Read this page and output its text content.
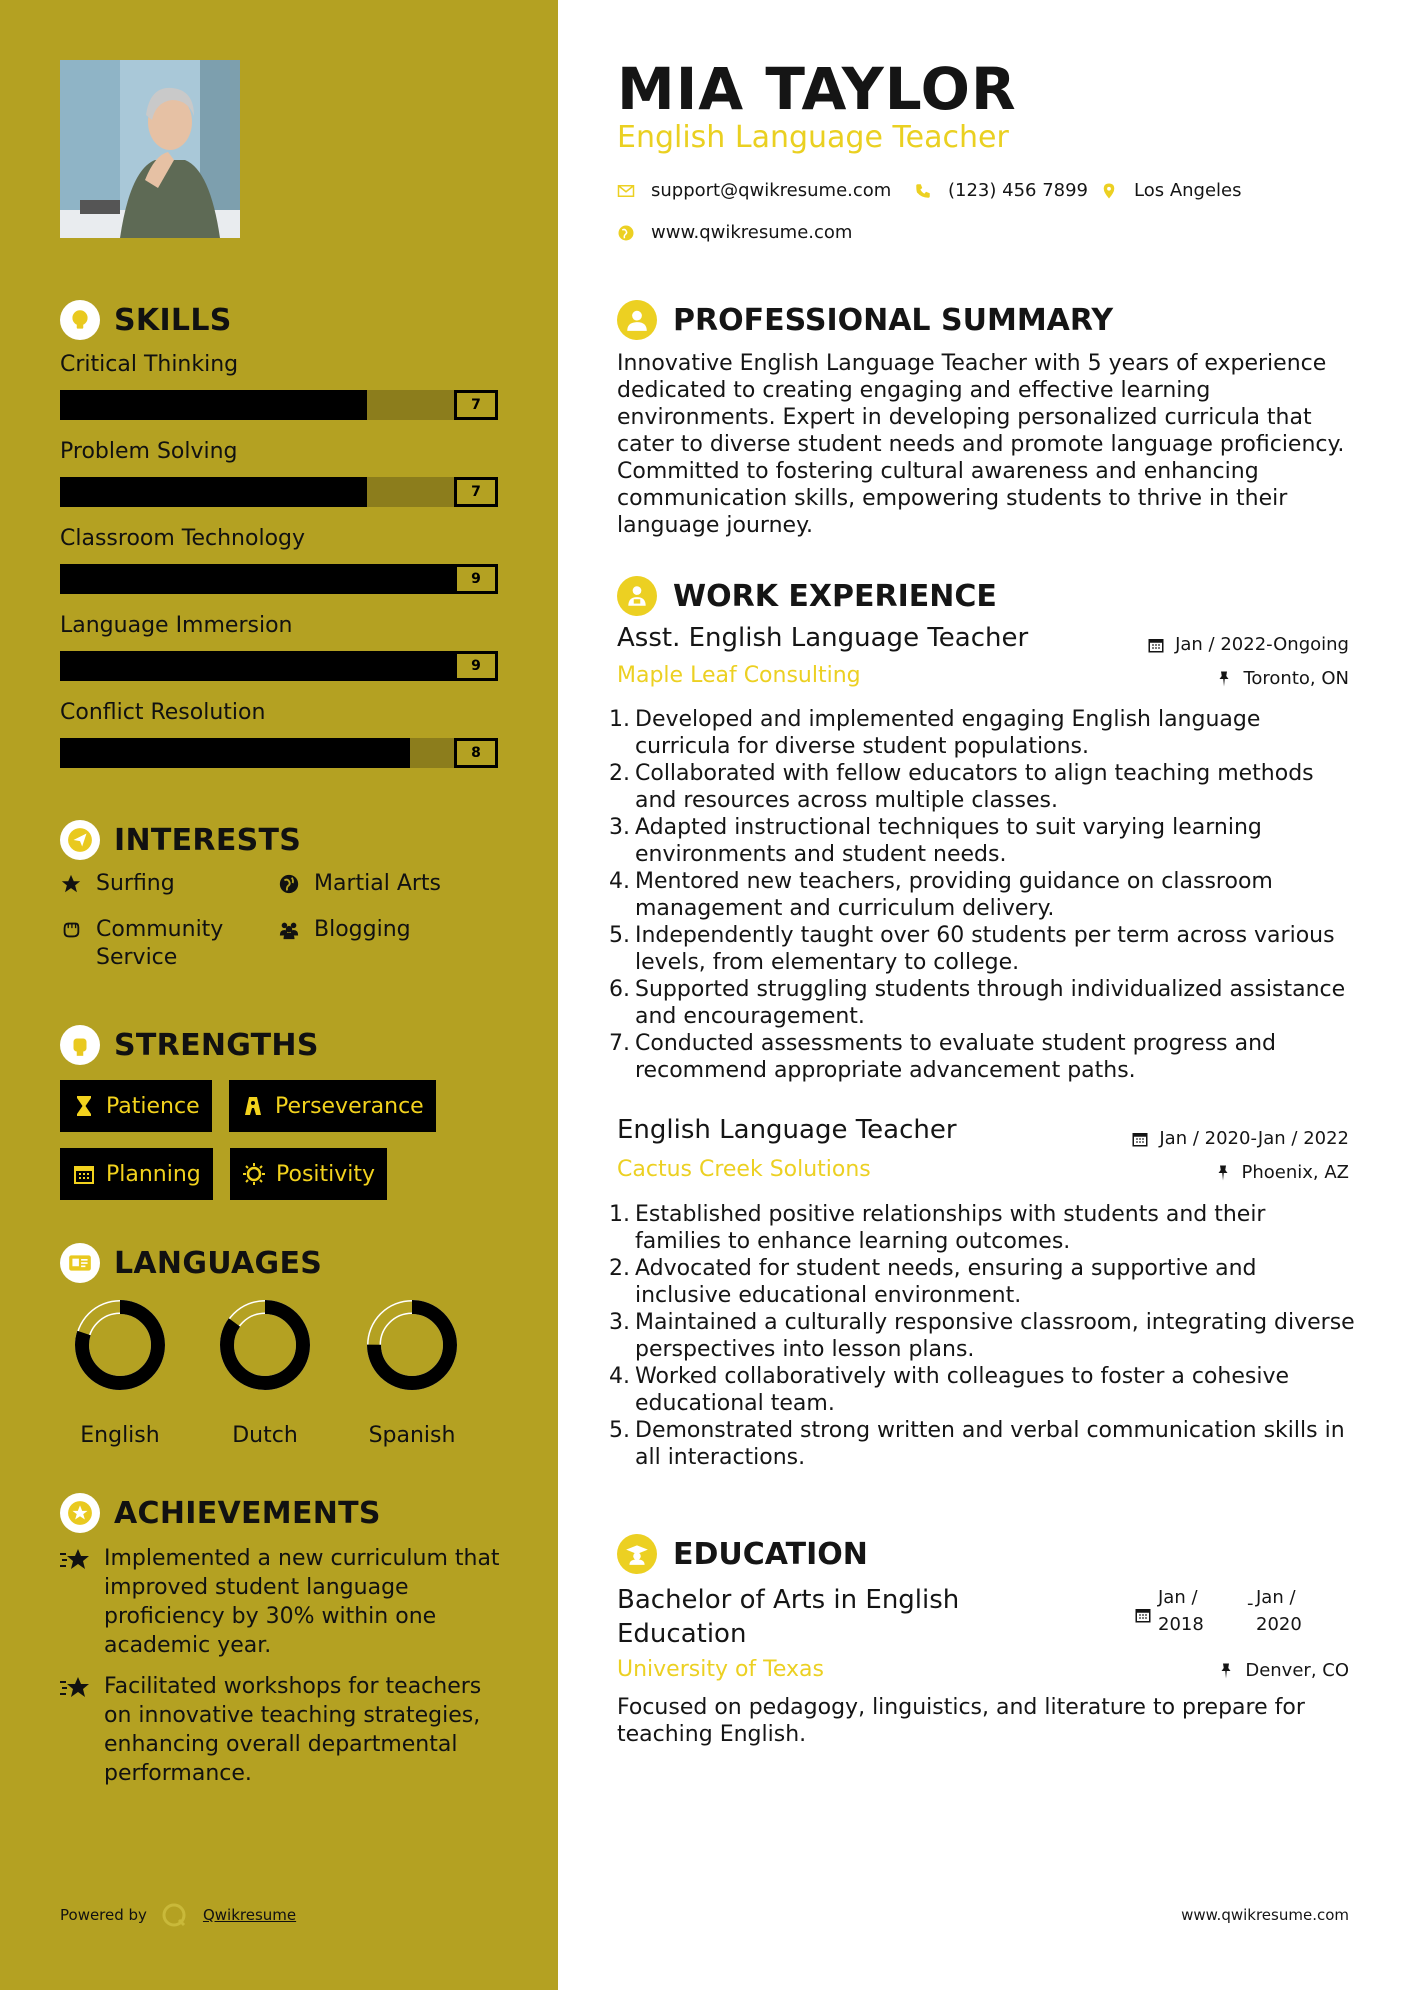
SKILLS
Critical Thinking
7
Problem Solving
7
Classroom Technology
9
Language Immersion
9
Conflict Resolution
8
INTERESTS
Surfing	Martial Arts
Community Service
Blogging
STRENGTHS
Patience	Perseverance
Planning	Positivity
LANGUAGES
English	Dutch	Spanish
ACHIEVEMENTS
Implemented a new curriculum that improved student language proficiency by 30% within one academic year.
Facilitated workshops for teachers on innovative teaching strategies, enhancing overall departmental performance.
Powered by	Qwikresume
MIA TAYLOR
English Language Teacher
support@qwikresume.com	(123) 456 7899	Los Angeles
www.qwikresume.com
PROFESSIONAL SUMMARY
Innovative English Language Teacher with 5 years of experience dedicated to creating engaging and effective learning environments. Expert in developing personalized curricula that cater to diverse student needs and promote language proficiency. Committed to fostering cultural awareness and enhancing communication skills, empowering students to thrive in their language journey.
WORK EXPERIENCE
Asst. English Language Teacher
Maple Leaf Consulting
Jan / 2022-Ongoing
Toronto, ON
1. Developed and implemented engaging English language curricula for diverse student populations.
2. Collaborated with fellow educators to align teaching methods and resources across multiple classes.
3. Adapted instructional techniques to suit varying learning environments and student needs.
4. Mentored new teachers, providing guidance on classroom management and curriculum delivery.
5. Independently taught over 60 students per term across various levels, from elementary to college.
6. Supported struggling students through individualized assistance and encouragement.
7. Conducted assessments to evaluate student progress and recommend appropriate advancement paths.
English Language Teacher
Cactus Creek Solutions
Jan / 2020-Jan / 2022
Phoenix, AZ
1. Established positive relationships with students and their families to enhance learning outcomes.
2. Advocated for student needs, ensuring a supportive and inclusive educational environment.
3. Maintained a culturally responsive classroom, integrating diverse perspectives into lesson plans.
4. Worked collaboratively with colleagues to foster a cohesive educational team.
5. Demonstrated strong written and verbal communication skills in all interactions.
EDUCATION
Bachelor of Arts in English Education
University of Texas
Jan / 2018
- Jan / 2020
Denver, CO
Focused on pedagogy, linguistics, and literature to prepare for teaching English.
www.qwikresume.com
